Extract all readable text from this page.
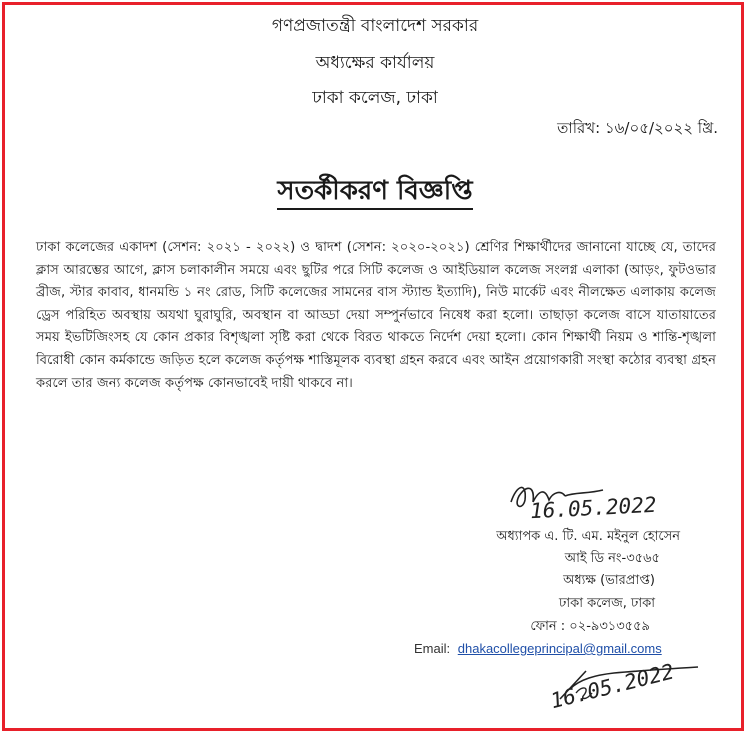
গণপ্রজাতন্ত্রী বাংলাদেশ সরকার
অধ্যক্ষের কার্যালয়
ঢাকা কলেজ, ঢাকা
তারিখ: ১৬/০৫/২০২২ খ্রি.
সতর্কীকরণ বিজ্ঞপ্তি
ঢাকা কলেজের একাদশ (সেশন: ২০২১ - ২০২২) ও দ্বাদশ (সেশন: ২০২০-২০২১) শ্রেণির শিক্ষার্থীদের জানানো যাচ্ছে যে, তাদের ক্লাস আরম্ভের আগে, ক্লাস চলাকালীন সময়ে এবং ছুটির পরে সিটি কলেজ ও আইডিয়াল কলেজ সংলগ্ন এলাকা (আড়ং, ফুটওভার ব্রীজ, স্টার কাবাব, ধানমন্ডি ১ নং রোড, সিটি কলেজের সামনের বাস স্ট্যান্ড ইত্যাদি), নিউ মার্কেট এবং নীলক্ষেত এলাকায় কলেজ ড্রেস পরিহিত অবস্থায় অযথা ঘুরাঘুরি, অবস্থান বা আড্ডা দেয়া সম্পুর্নভাবে নিষেধ করা হলো। তাছাড়া কলেজ বাসে যাতায়াতের সময় ইভটিজিংসহ যে কোন প্রকার বিশৃঙ্খলা সৃষ্টি করা থেকে বিরত থাকতে নির্দেশ দেয়া হলো। কোন শিক্ষার্থী নিয়ম ও শান্তি-শৃঙ্খলা বিরোধী কোন কর্মকান্ডে জড়িত হলে কলেজ কর্তৃপক্ষ শাস্তিমূলক ব্যবস্থা গ্রহন করবে এবং আইন প্রয়োগকারী সংস্থা কঠোর ব্যবস্থা গ্রহন করলে তার জন্য কলেজ কর্তৃপক্ষ কোনভাবেই দায়ী থাকবে না।
16.05.2022
অধ্যাপক এ. টি. এম. মইনুল হোসেন
আই ডি নং-৩৫৬৫
অধ্যক্ষ (ভারপ্রাপ্ত)
ঢাকা কলেজ, ঢাকা
ফোন : ০২-৯৩১৩৫৫৯
Email: dhakacollegeprincipal@gmail.coms
16.05.2022
